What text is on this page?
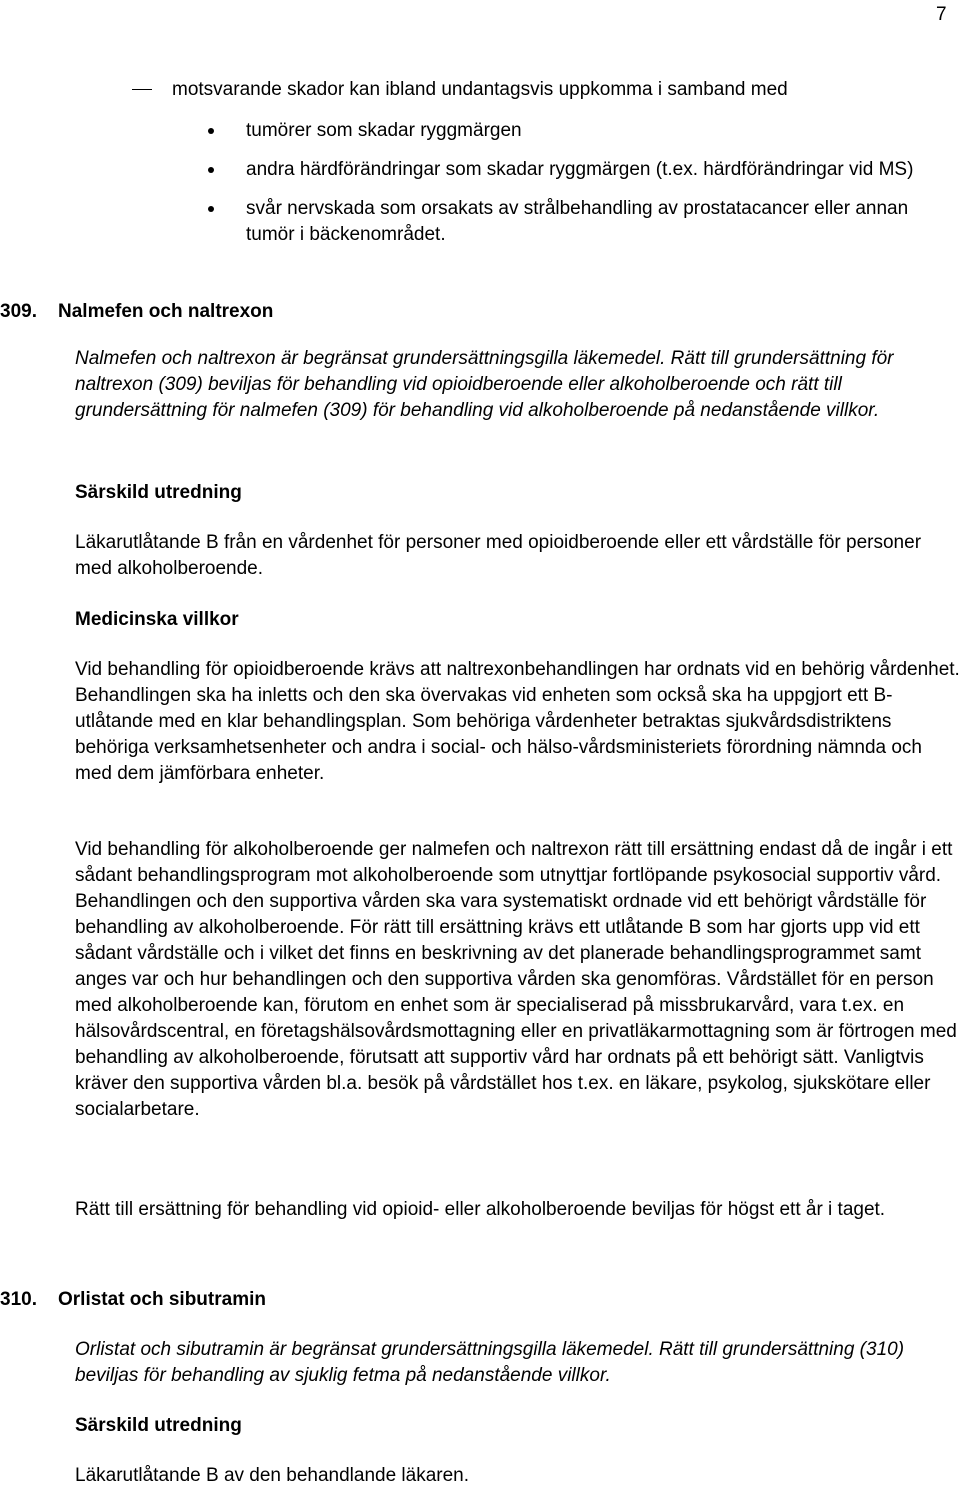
7
motsvarande skador kan ibland undantagsvis uppkomma i samband med
tumörer som skadar ryggmärgen
andra härdförändringar som skadar ryggmärgen (t.ex. härdförändringar vid MS)
svår nervskada som orsakats av strålbehandling av prostatacancer eller annan tumör i bäckenområdet.
309. Nalmefen och naltrexon
Nalmefen och naltrexon är begränsat grundersättningsgilla läkemedel. Rätt till grundersättning för naltrexon (309) beviljas för behandling vid opioidberoende eller alkoholberoende och rätt till grundersättning för nalmefen (309) för behandling vid alkoholberoende på nedanstående villkor.
Särskild utredning
Läkarutlåtande B från en vårdenhet för personer med opioidberoende eller ett vårdställe för personer med alkoholberoende.
Medicinska villkor
Vid behandling för opioidberoende krävs att naltrexonbehandlingen har ordnats vid en behörig vårdenhet. Behandlingen ska ha inletts och den ska övervakas vid enheten som också ska ha uppgjort ett B-utlåtande med en klar behandlingsplan. Som behöriga vårdenheter betraktas sjukvårdsdistriktens behöriga verksamhetsenheter och andra i social- och hälso-vårdsministeriets förordning nämnda och med dem jämförbara enheter.
Vid behandling för alkoholberoende ger nalmefen och naltrexon rätt till ersättning endast då de ingår i ett sådant behandlingsprogram mot alkoholberoende som utnyttjar fortlöpande psykosocial supportiv vård. Behandlingen och den supportiva vården ska vara systematiskt ordnade vid ett behörigt vårdställe för behandling av alkoholberoende. För rätt till ersättning krävs ett utlåtande B som har gjorts upp vid ett sådant vårdställe och i vilket det finns en beskrivning av det planerade behandlingsprogrammet samt anges var och hur behandlingen och den supportiva vården ska genomföras. Vårdstället för en person med alkoholberoende kan, förutom en enhet som är specialiserad på missbrukarvård, vara t.ex. en hälsovårdscentral, en företagshälsovårdsmottagning eller en privatläkarmottagning som är förtrogen med behandling av alkoholberoende, förutsatt att supportiv vård har ordnats på ett behörigt sätt. Vanligtvis kräver den supportiva vården bl.a. besök på vårdstället hos t.ex. en läkare, psykolog, sjukskötare eller socialarbetare.
Rätt till ersättning för behandling vid opioid- eller alkoholberoende beviljas för högst ett år i taget.
310. Orlistat och sibutramin
Orlistat och sibutramin är begränsat grundersättningsgilla läkemedel. Rätt till grundersättning (310) beviljas för behandling av sjuklig fetma på nedanstående villkor.
Särskild utredning
Läkarutlåtande B av den behandlande läkaren.
